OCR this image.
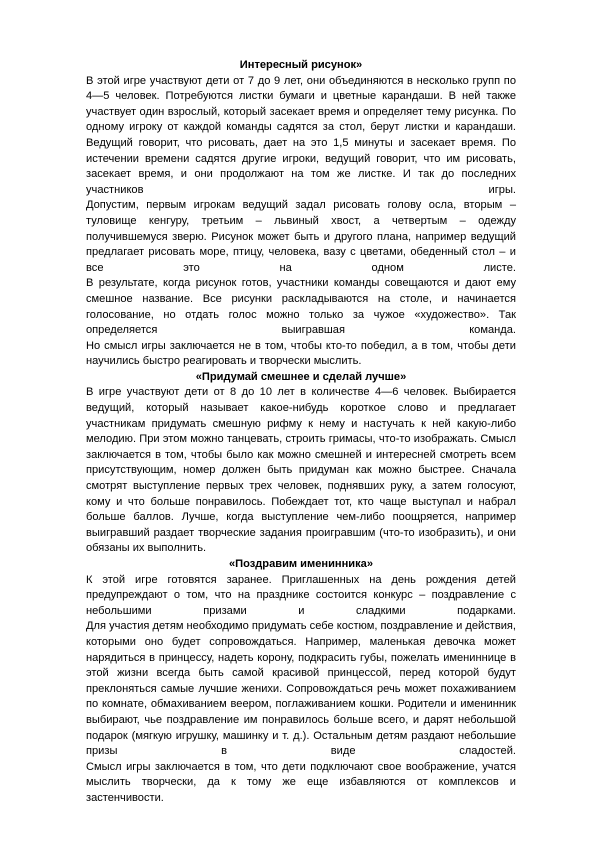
Интересный рисунок»

В этой игре участвуют дети от 7 до 9 лет, они объединяются в несколько групп по 4—5 человек. Потребуются листки бумаги и цветные карандаши. В ней также участвует один взрослый, который засекает время и определяет тему рисунка. По одному игроку от каждой команды садятся за стол, берут листки и карандаши. Ведущий говорит, что рисовать, дает на это 1,5 минуты и засекает время. По истечении времени садятся другие игроки, ведущий говорит, что им рисовать, засекает время, и они продолжают на том же листке. И так до последних участников игры.

Допустим, первым игрокам ведущий задал рисовать голову осла, вторым – туловище кенгуру, третьим – львиный хвост, а четвертым – одежду получившемуся зверю. Рисунок может быть и другого плана, например ведущий предлагает рисовать море, птицу, человека, вазу с цветами, обеденный стол – и все это на одном листе.

В результате, когда рисунок готов, участники команды совещаются и дают ему смешное название. Все рисунки раскладываются на столе, и начинается голосование, но отдать голос можно только за чужое «художество». Так определяется выигравшая команда.

Но смысл игры заключается не в том, чтобы кто-то победил, а в том, чтобы дети научились быстро реагировать и творчески мыслить.

«Придумай смешнее и сделай лучше»

В игре участвуют дети от 8 до 10 лет в количестве 4—6 человек. Выбирается ведущий, который называет какое-нибудь короткое слово и предлагает участникам придумать смешную рифму к нему и настучать к ней какую-либо мелодию. При этом можно танцевать, строить гримасы, что-то изображать. Смысл заключается в том, чтобы было как можно смешней и интересней смотреть всем присутствующим, номер должен быть придуман как можно быстрее. Сначала смотрят выступление первых трех человек, поднявших руку, а затем голосуют, кому и что больше понравилось. Побеждает тот, кто чаще выступал и набрал больше баллов. Лучше, когда выступление чем-либо поощряется, например выигравший раздает творческие задания проигравшим (что-то изобразить), и они обязаны их выполнить.

«Поздравим именинника»

К этой игре готовятся заранее. Приглашенных на день рождения детей предупреждают о том, что на празднике состоится конкурс – поздравление с небольшими призами и сладкими подарками.

Для участия детям необходимо придумать себе костюм, поздравление и действия, которыми оно будет сопровождаться. Например, маленькая девочка может нарядиться в принцессу, надеть корону, подкрасить губы, пожелать имениннице в этой жизни всегда быть самой красивой принцессой, перед которой будут преклоняться самые лучшие женихи. Сопровождаться речь может похаживанием по комнате, обмахиванием веером, поглаживанием кошки. Родители и именинник выбирают, чье поздравление им понравилось больше всего, и дарят небольшой подарок (мягкую игрушку, машинку и т. д.). Остальным детям раздают небольшие призы в виде сладостей.

Смысл игры заключается в том, что дети подключают свое воображение, учатся мыслить творчески, да к тому же еще избавляются от комплексов и застенчивости.
